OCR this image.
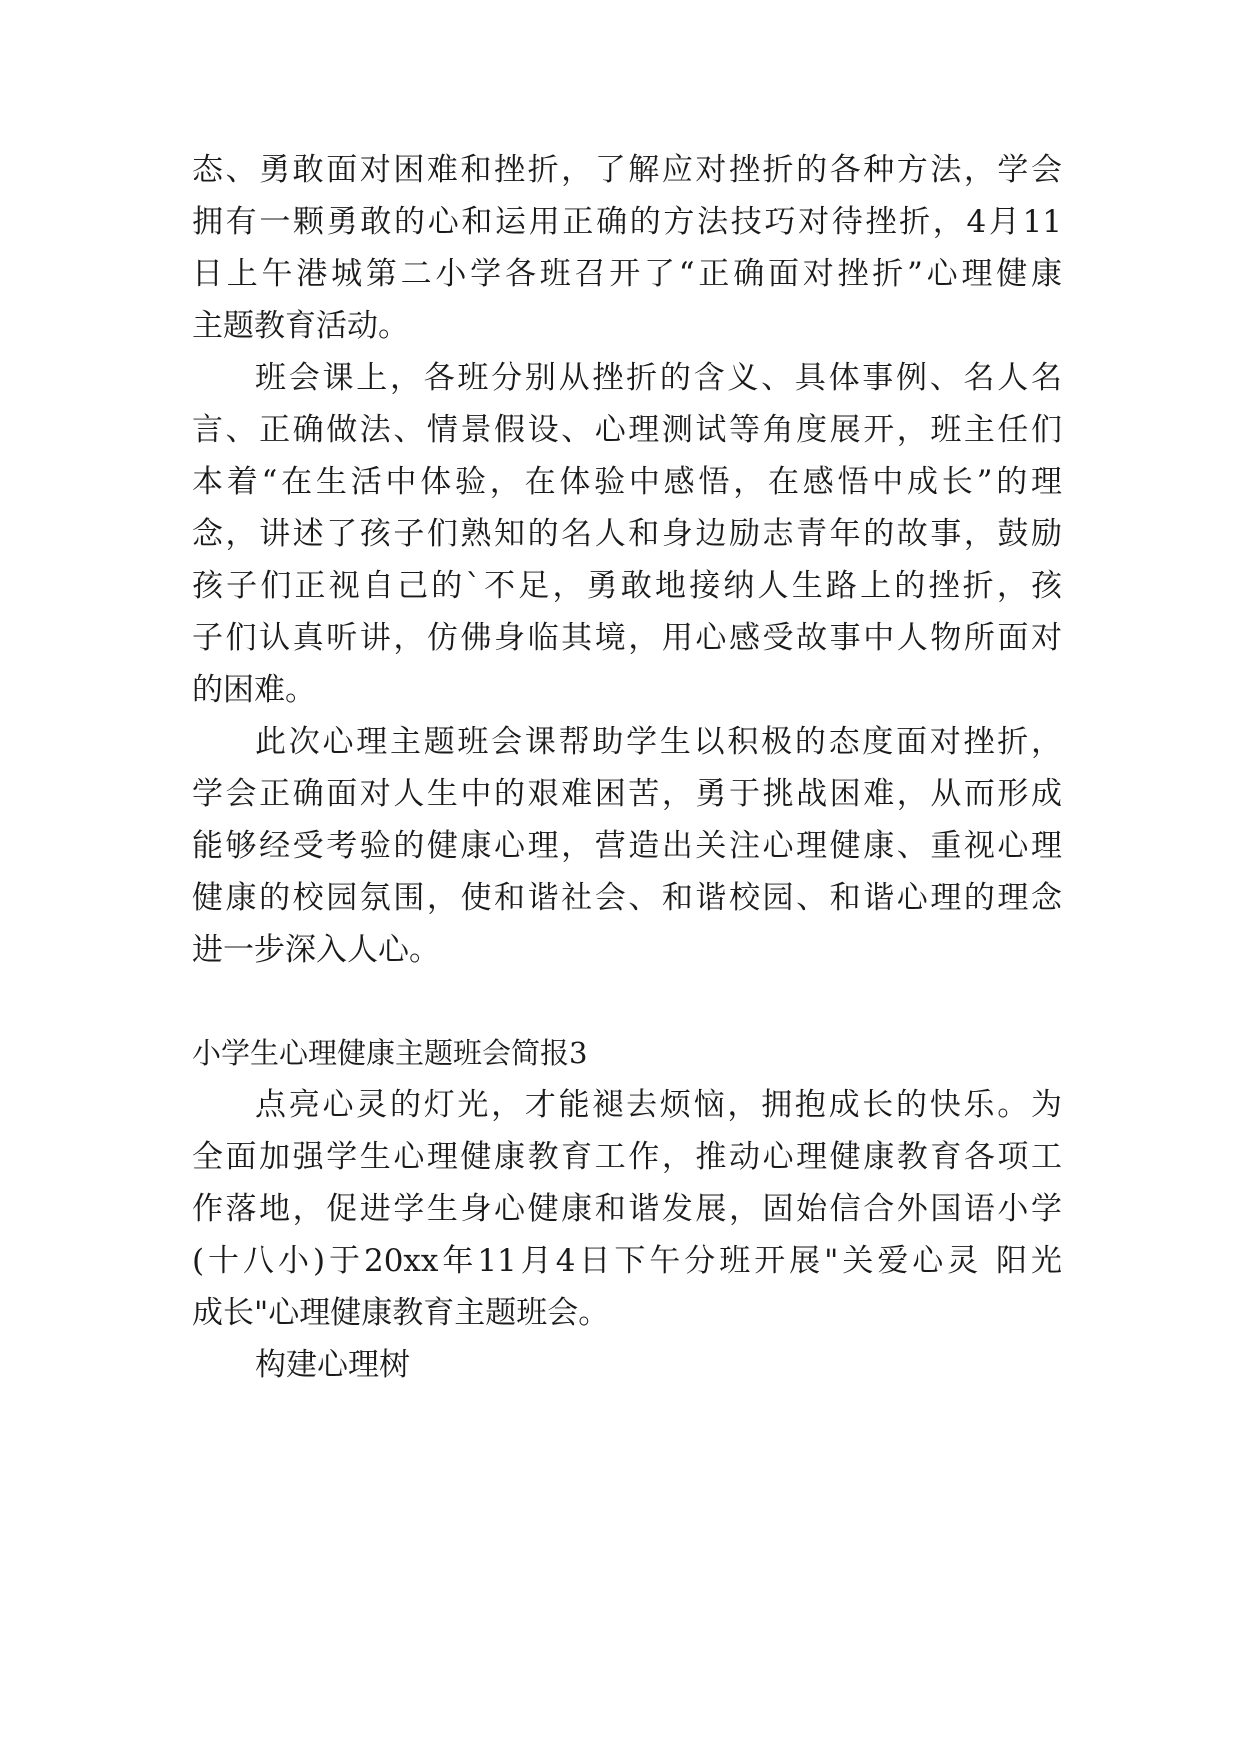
态、勇敢面对困难和挫折，了解应对挫折的各种方法，学会
拥有一颗勇敢的心和运用正确的方法技巧对待挫折，4月11
日上午港城第二小学各班召开了“正确面对挫折”心理健康
主题教育活动。
班会课上，各班分别从挫折的含义、具体事例、名人名
言、正确做法、情景假设、心理测试等角度展开，班主任们
本着“在生活中体验，在体验中感悟，在感悟中成长”的理
念，讲述了孩子们熟知的名人和身边励志青年的故事，鼓励
孩子们正视自己的`不足，勇敢地接纳人生路上的挫折，孩
子们认真听讲，仿佛身临其境，用心感受故事中人物所面对
的困难。
此次心理主题班会课帮助学生以积极的态度面对挫折，
学会正确面对人生中的艰难困苦，勇于挑战困难，从而形成
能够经受考验的健康心理，营造出关注心理健康、重视心理
健康的校园氛围，使和谐社会、和谐校园、和谐心理的理念
进一步深入人心。
小学生心理健康主题班会简报3
点亮心灵的灯光，才能褪去烦恼，拥抱成长的快乐。为
全面加强学生心理健康教育工作，推动心理健康教育各项工
作落地，促进学生身心健康和谐发展，固始信合外国语小学
(十八小)于20xx年11月4日下午分班开展"关爱心灵 阳光
成长"心理健康教育主题班会。
构建心理树
